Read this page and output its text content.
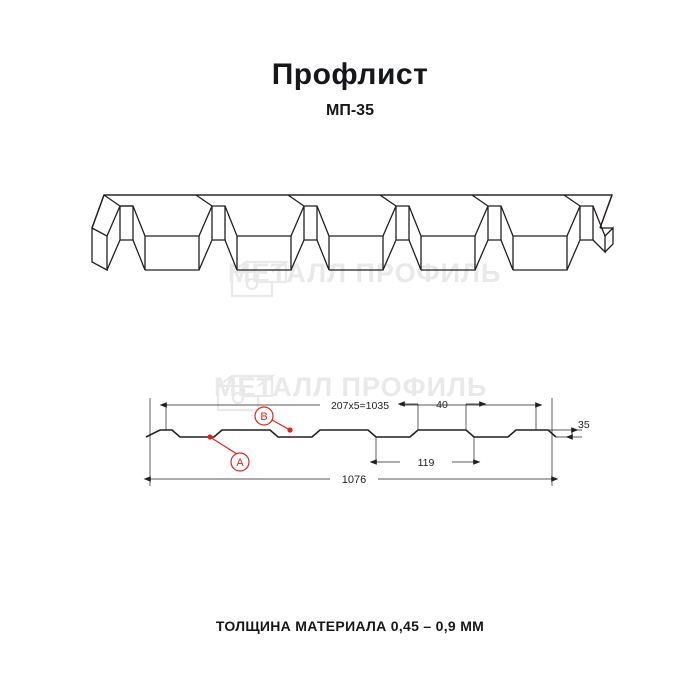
Профлист
МП-35
МЕТАЛЛ ПРОФИЛЬ
МЕТАЛЛ ПРОФИЛЬ
207х5=1035	40
119
35
1076
A
B
ТОЛЩИНА МАТЕРИАЛА 0,45 – 0,9 ММ
